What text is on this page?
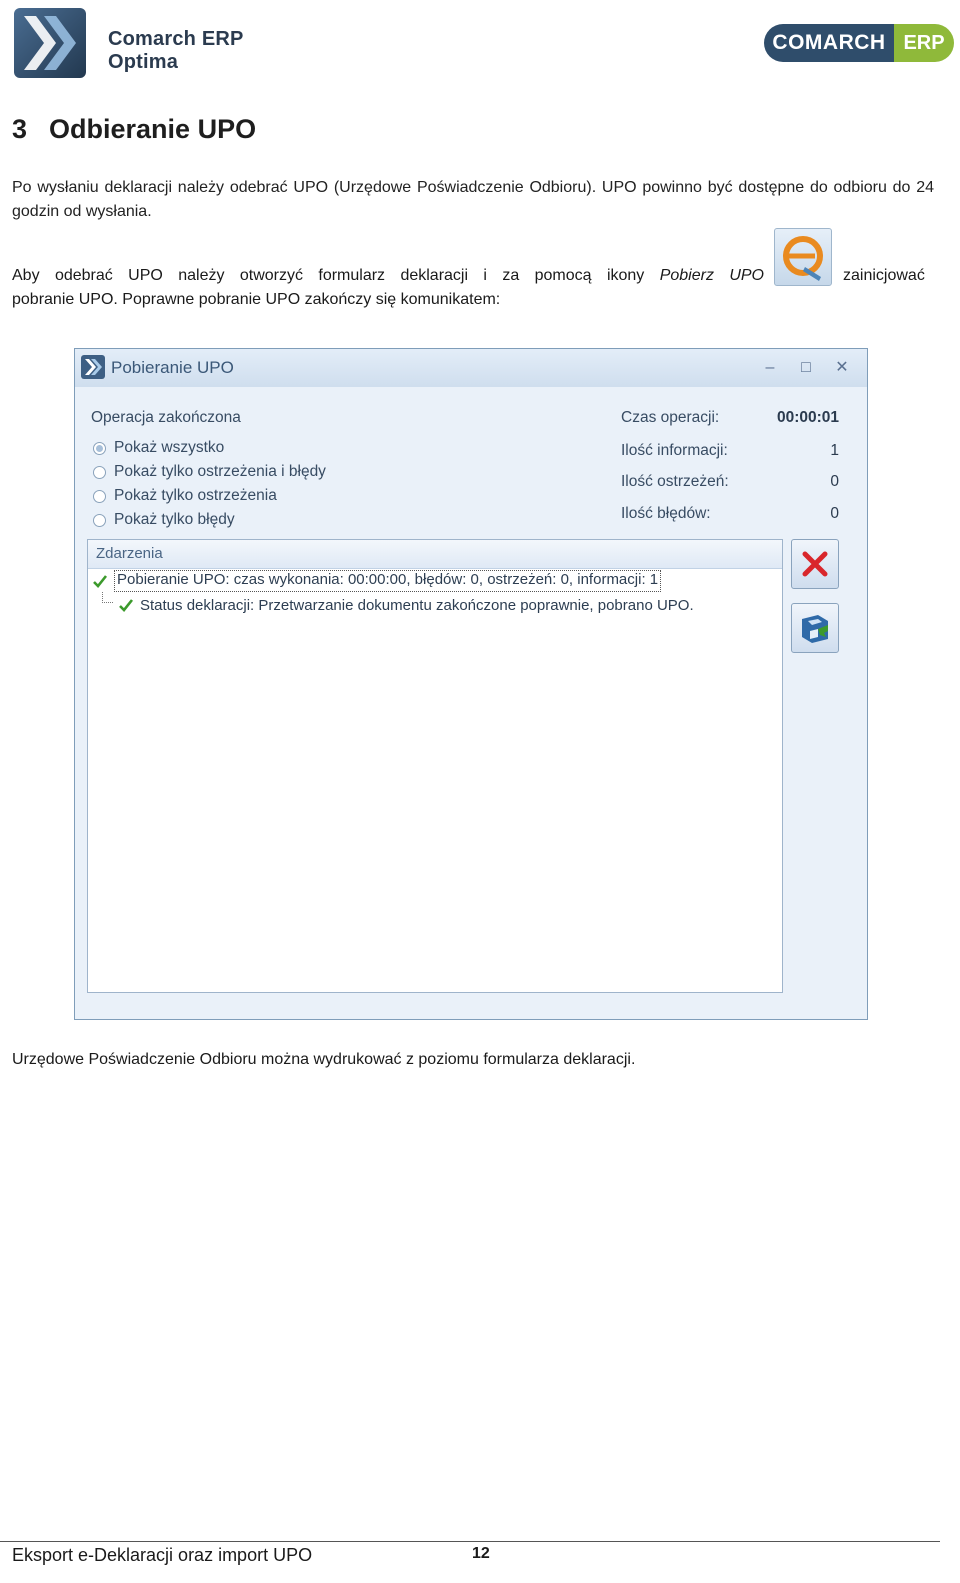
Comarch ERP
Optima
COMARCH ERP
3 Odbieranie UPO
Po wysłaniu deklaracji należy odebrać UPO (Urzędowe Poświadczenie Odbioru). UPO powinno być dostępne do odbioru do 24 godzin od wysłania.
Aby odebrać UPO należy otworzyć formularz deklaracji i za pomocą ikony Pobierz UPO	zainicjować
pobranie UPO. Poprawne pobranie UPO zakończy się komunikatem:
Pobieranie UPO	–	□	✕
Operacja zakończona
Pokaż wszystko
Pokaż tylko ostrzeżenia i błędy
Pokaż tylko ostrzeżenia
Pokaż tylko błędy
Czas operacji:	00:00:01
Ilość informacji:	1
Ilość ostrzeżeń:	0
Ilość błędów:	0
Zdarzenia
Pobieranie UPO: czas wykonania: 00:00:00, błędów: 0, ostrzeżeń: 0, informacji: 1
Status deklaracji: Przetwarzanie dokumentu zakończone poprawnie, pobrano UPO.
Urzędowe Poświadczenie Odbioru można wydrukować z poziomu formularza deklaracji.
Eksport e-Deklaracji oraz import UPO	12
